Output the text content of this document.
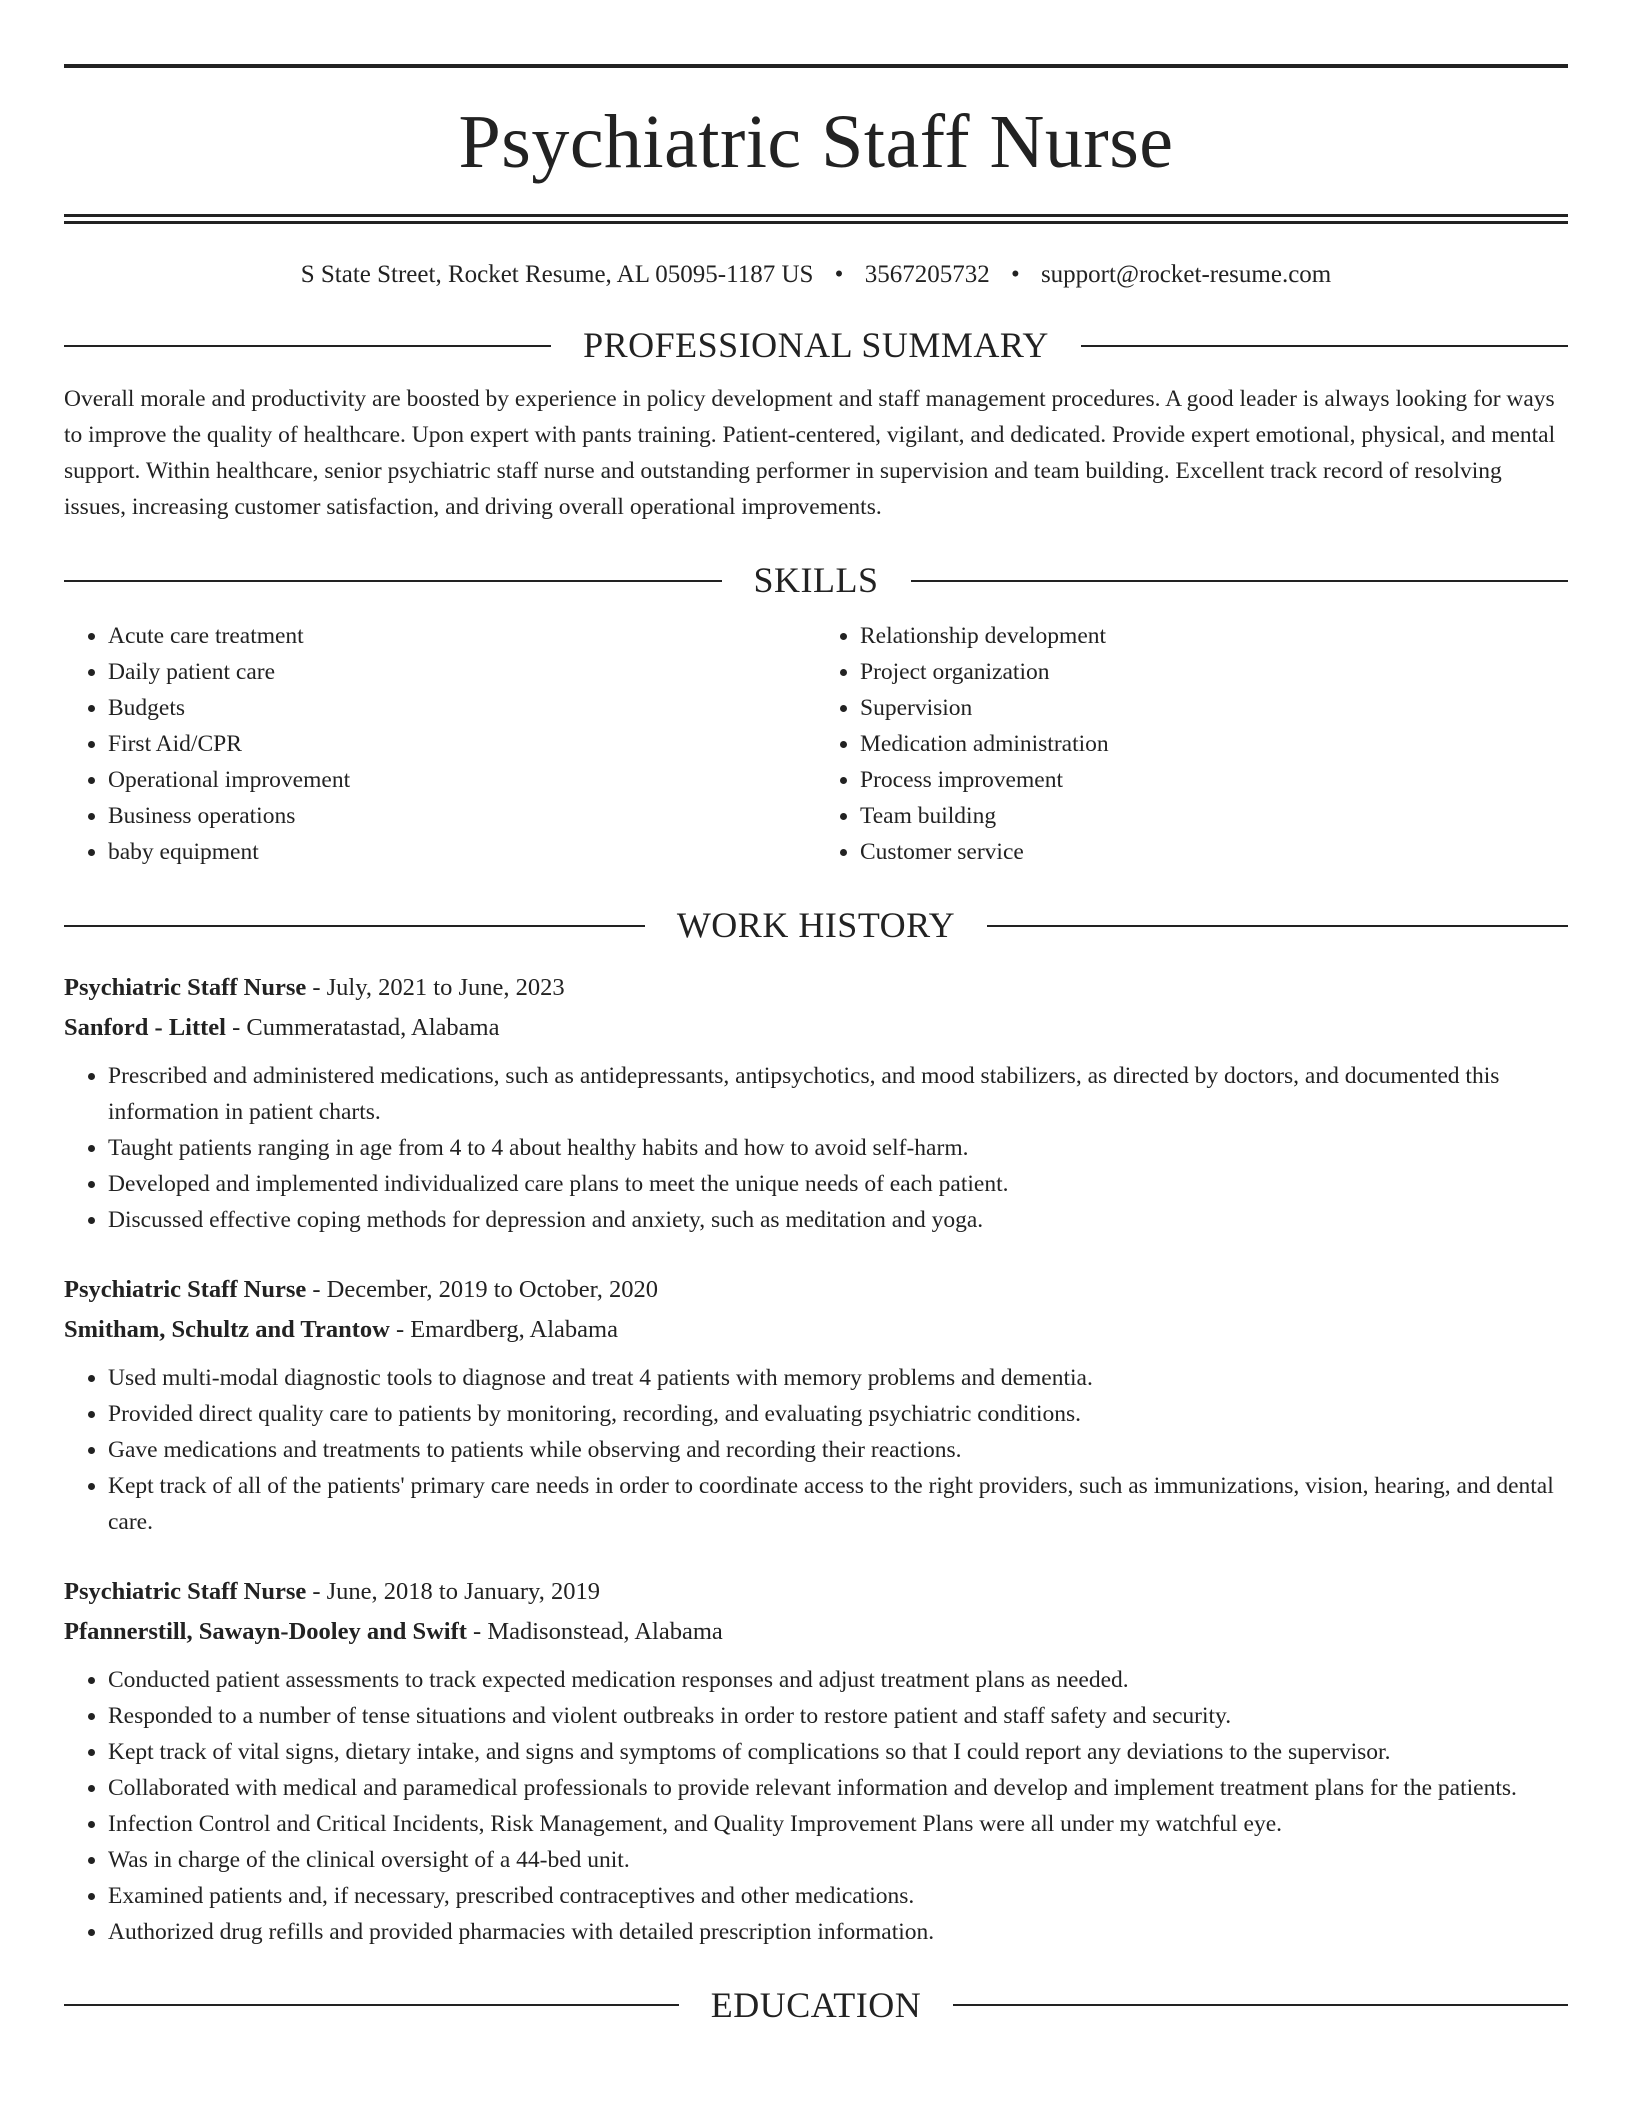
Psychiatric Staff Nurse
S State Street, Rocket Resume, AL 05095-1187 US • 3567205732 • support@rocket-resume.com
PROFESSIONAL SUMMARY
Overall morale and productivity are boosted by experience in policy development and staff management procedures. A good leader is always looking for ways to improve the quality of healthcare. Upon expert with pants training. Patient-centered, vigilant, and dedicated. Provide expert emotional, physical, and mental support. Within healthcare, senior psychiatric staff nurse and outstanding performer in supervision and team building. Excellent track record of resolving issues, increasing customer satisfaction, and driving overall operational improvements.
SKILLS
• Acute care treatment
• Daily patient care
• Budgets
• First Aid/CPR
• Operational improvement
• Business operations
• baby equipment
• Relationship development
• Project organization
• Supervision
• Medication administration
• Process improvement
• Team building
• Customer service
WORK HISTORY
Psychiatric Staff Nurse - July, 2021 to June, 2023
Sanford - Littel - Cummeratastad, Alabama
• Prescribed and administered medications, such as antidepressants, antipsychotics, and mood stabilizers, as directed by doctors, and documented this information in patient charts.
• Taught patients ranging in age from 4 to 4 about healthy habits and how to avoid self-harm.
• Developed and implemented individualized care plans to meet the unique needs of each patient.
• Discussed effective coping methods for depression and anxiety, such as meditation and yoga.
Psychiatric Staff Nurse - December, 2019 to October, 2020
Smitham, Schultz and Trantow - Emardberg, Alabama
• Used multi-modal diagnostic tools to diagnose and treat 4 patients with memory problems and dementia.
• Provided direct quality care to patients by monitoring, recording, and evaluating psychiatric conditions.
• Gave medications and treatments to patients while observing and recording their reactions.
• Kept track of all of the patients' primary care needs in order to coordinate access to the right providers, such as immunizations, vision, hearing, and dental care.
Psychiatric Staff Nurse - June, 2018 to January, 2019
Pfannerstill, Sawayn-Dooley and Swift - Madisonstead, Alabama
• Conducted patient assessments to track expected medication responses and adjust treatment plans as needed.
• Responded to a number of tense situations and violent outbreaks in order to restore patient and staff safety and security.
• Kept track of vital signs, dietary intake, and signs and symptoms of complications so that I could report any deviations to the supervisor.
• Collaborated with medical and paramedical professionals to provide relevant information and develop and implement treatment plans for the patients.
• Infection Control and Critical Incidents, Risk Management, and Quality Improvement Plans were all under my watchful eye.
• Was in charge of the clinical oversight of a 44-bed unit.
• Examined patients and, if necessary, prescribed contraceptives and other medications.
• Authorized drug refills and provided pharmacies with detailed prescription information.
EDUCATION
